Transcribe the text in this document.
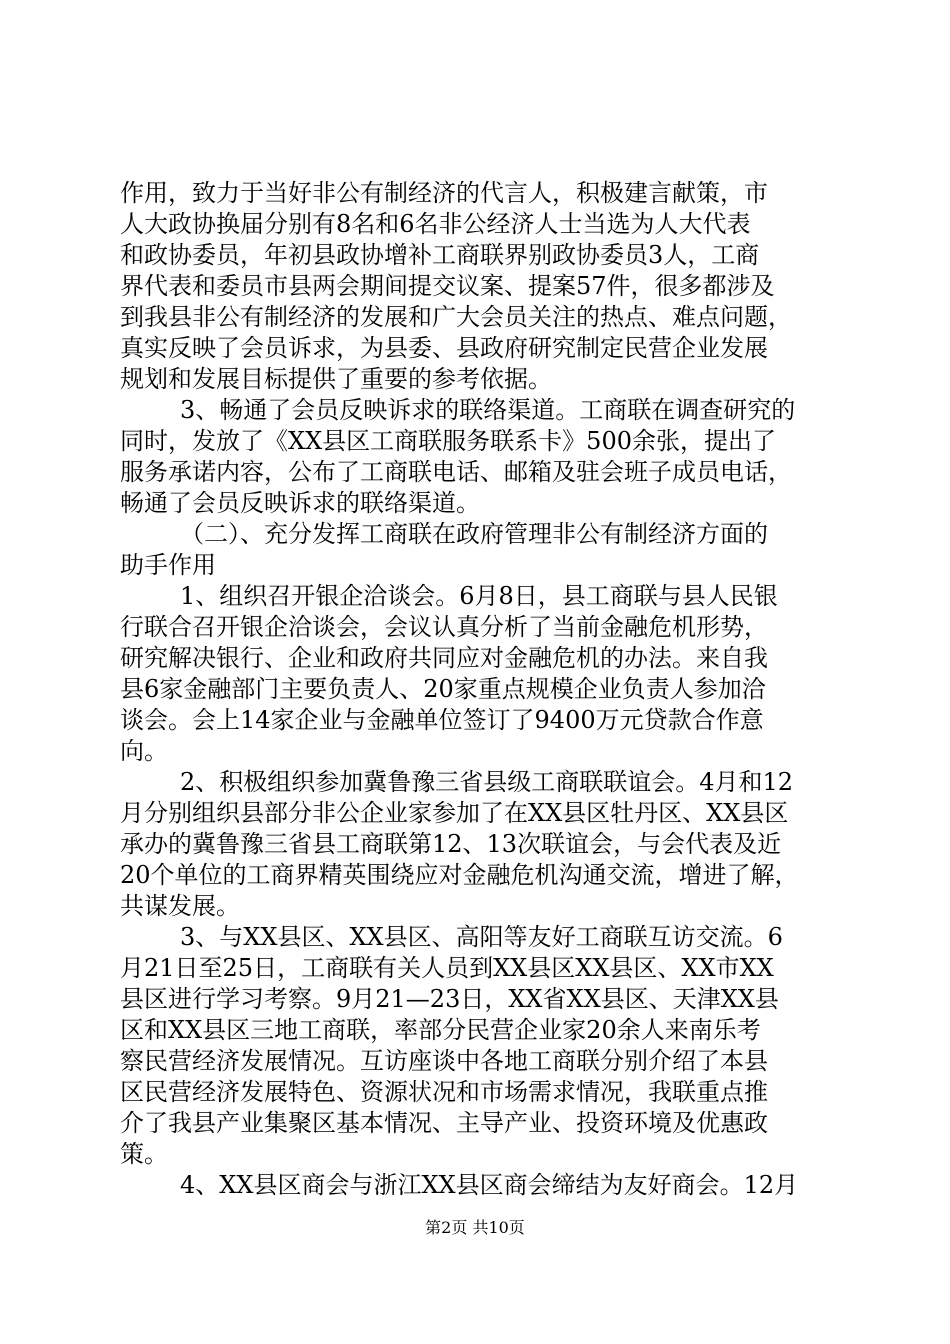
作用，致力于当好非公有制经济的代言人，积极建言献策，市
人大政协换届分别有8名和6名非公经济人士当选为人大代表
和政协委员，年初县政协增补工商联界别政协委员3人，工商
界代表和委员市县两会期间提交议案、提案57件，很多都涉及
到我县非公有制经济的发展和广大会员关注的热点、难点问题，
真实反映了会员诉求，为县委、县政府研究制定民营企业发展
规划和发展目标提供了重要的参考依据。
3、畅通了会员反映诉求的联络渠道。工商联在调查研究的
同时，发放了《XX县区工商联服务联系卡》500余张，提出了
服务承诺内容，公布了工商联电话、邮箱及驻会班子成员电话，
畅通了会员反映诉求的联络渠道。
（二）、充分发挥工商联在政府管理非公有制经济方面的
助手作用
1、组织召开银企洽谈会。6月8日，县工商联与县人民银
行联合召开银企洽谈会，会议认真分析了当前金融危机形势，
研究解决银行、企业和政府共同应对金融危机的办法。来自我
县6家金融部门主要负责人、20家重点规模企业负责人参加洽
谈会。会上14家企业与金融单位签订了9400万元贷款合作意
向。
2、积极组织参加冀鲁豫三省县级工商联联谊会。4月和12
月分别组织县部分非公企业家参加了在XX县区牡丹区、XX县区
承办的冀鲁豫三省县工商联第12、13次联谊会，与会代表及近
20个单位的工商界精英围绕应对金融危机沟通交流，增进了解，
共谋发展。
3、与XX县区、XX县区、高阳等友好工商联互访交流。6
月21日至25日，工商联有关人员到XX县区XX县区、XX市XX
县区进行学习考察。9月21—23日，XX省XX县区、天津XX县
区和XX县区三地工商联，率部分民营企业家20余人来南乐考
察民营经济发展情况。互访座谈中各地工商联分别介绍了本县
区民营经济发展特色、资源状况和市场需求情况，我联重点推
介了我县产业集聚区基本情况、主导产业、投资环境及优惠政
策。
4、XX县区商会与浙江XX县区商会缔结为友好商会。12月
第2页 共10页
